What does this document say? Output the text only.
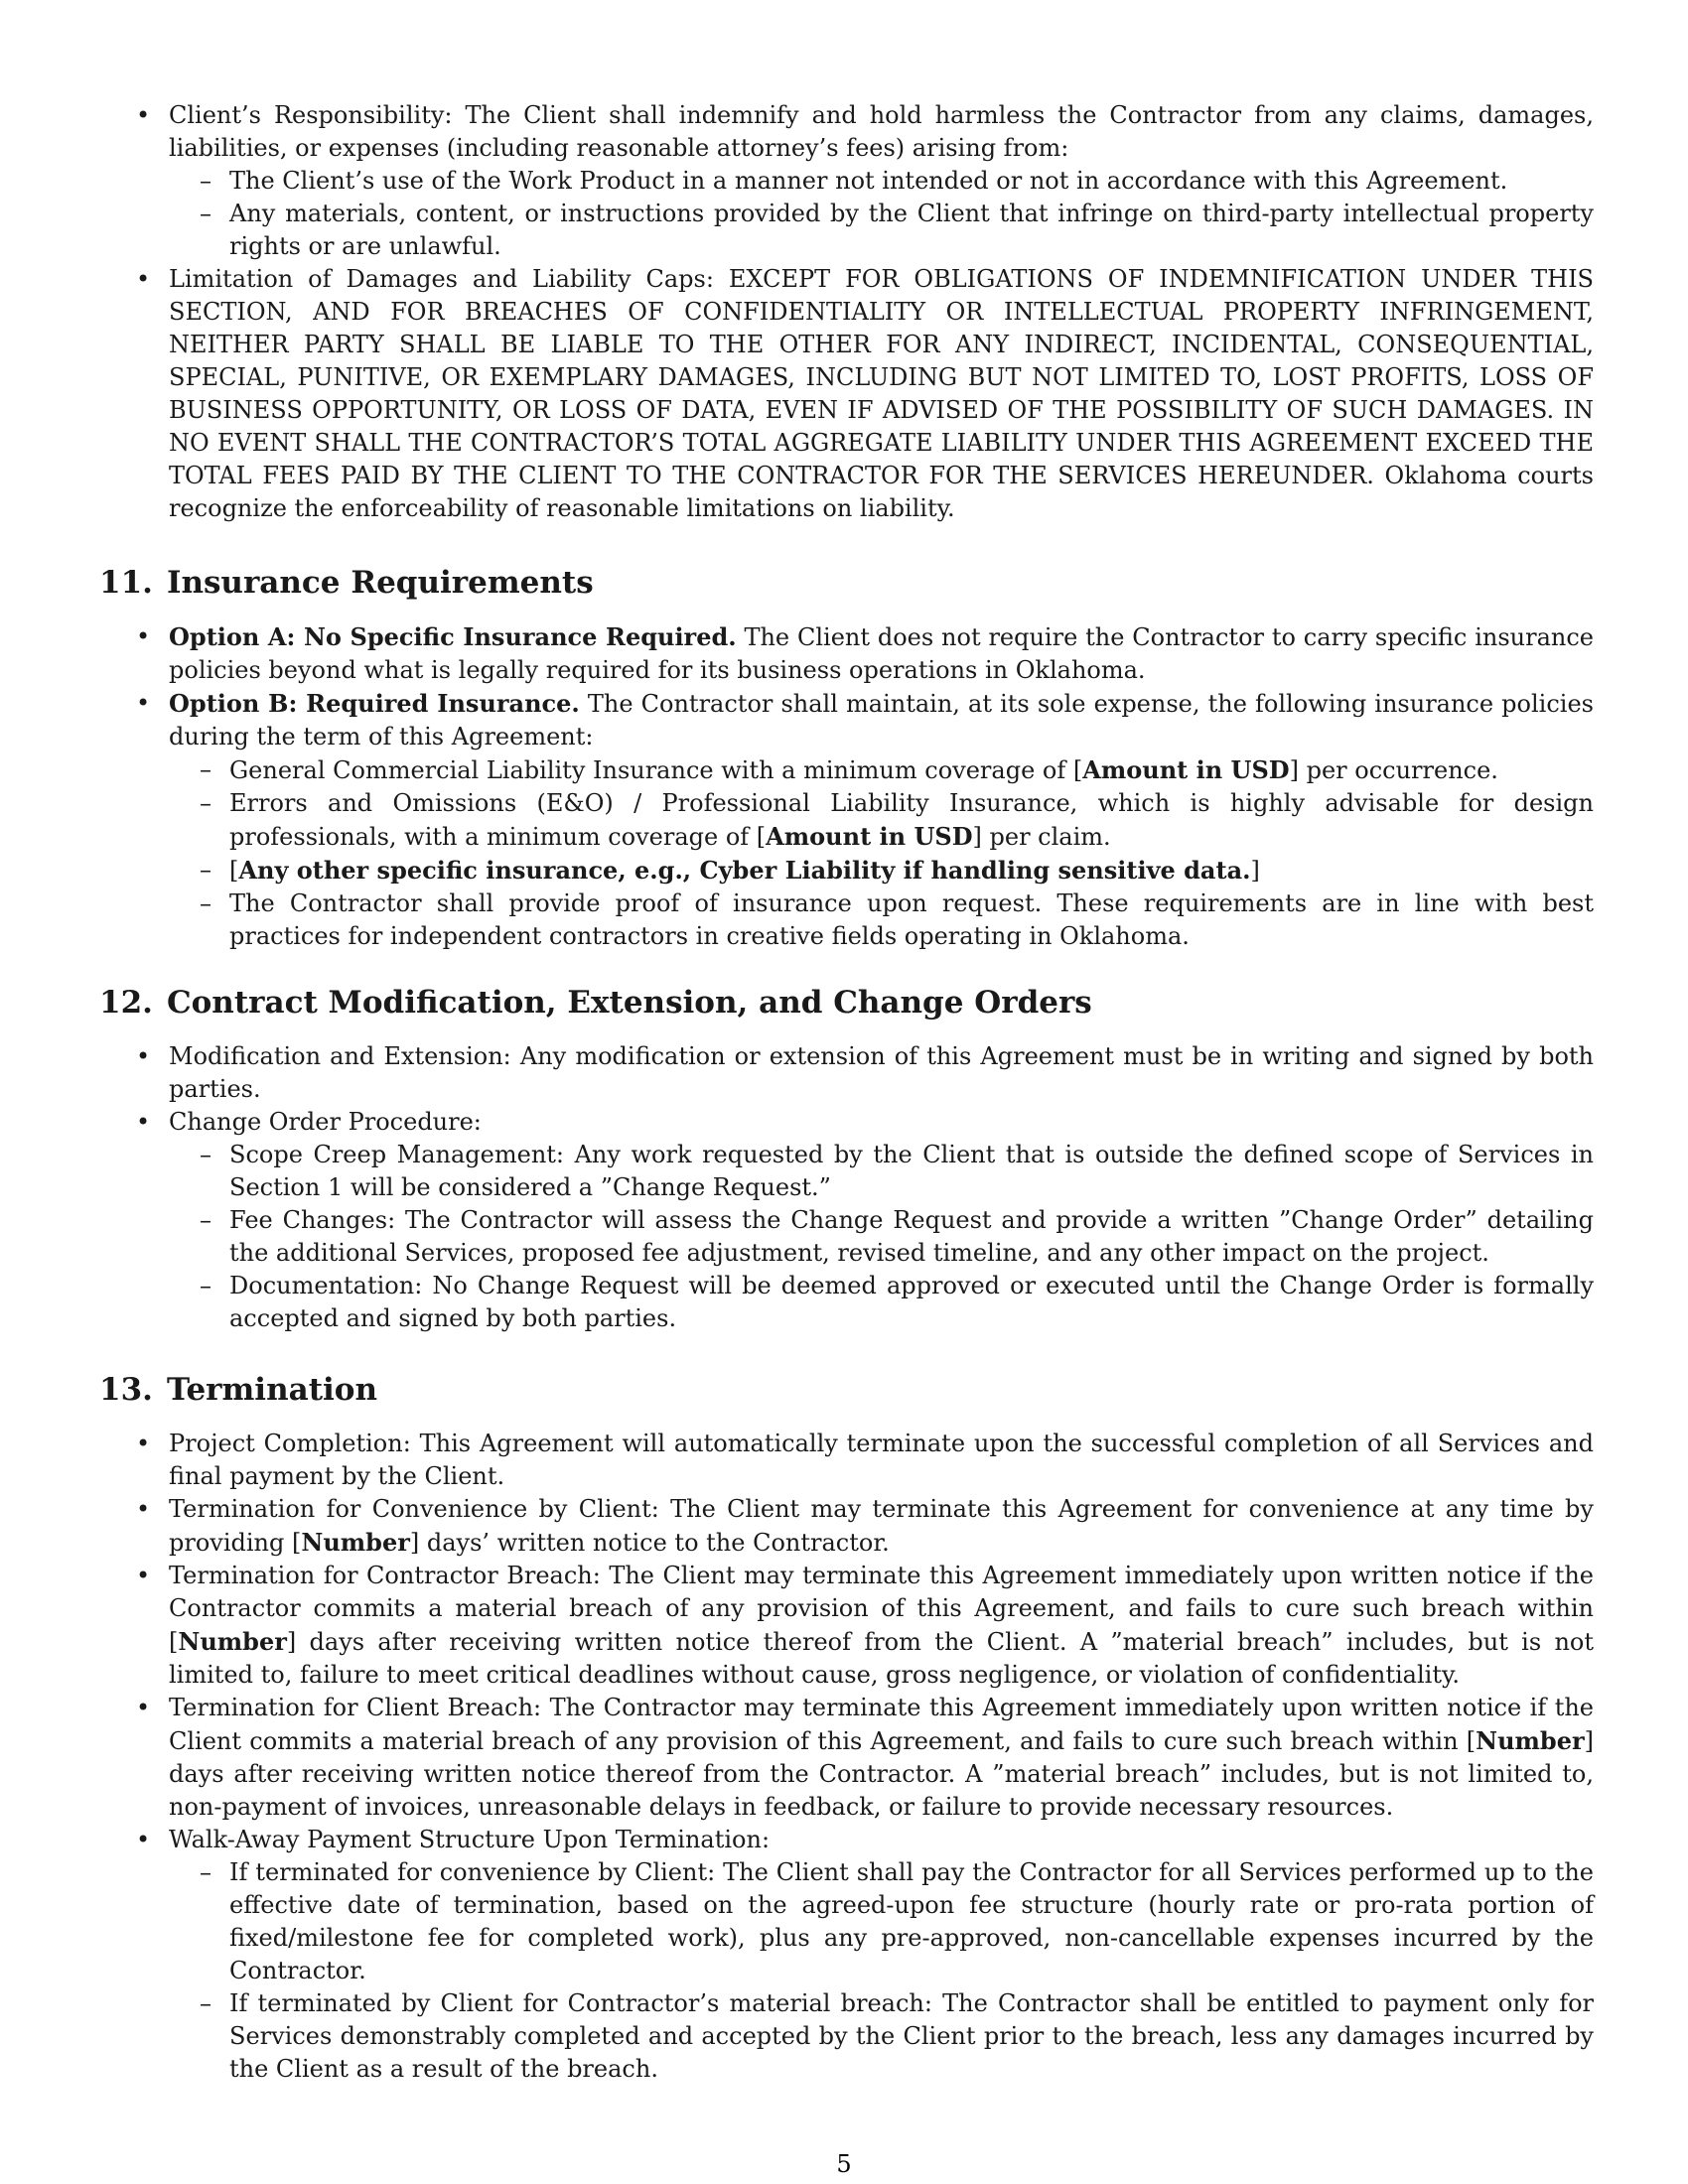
• Client’s Responsibility: The Client shall indemnify and hold harmless the Contractor from any claims, damages, liabilities, or expenses (including reasonable attorney’s fees) arising from:
– The Client’s use of the Work Product in a manner not intended or not in accordance with this Agreement.
– Any materials, content, or instructions provided by the Client that infringe on third-party intellectual property rights or are unlawful.
• Limitation of Damages and Liability Caps: EXCEPT FOR OBLIGATIONS OF INDEMNIFICATION UNDER THIS SECTION, AND FOR BREACHES OF CONFIDENTIALITY OR INTELLECTUAL PROPERTY INFRINGEMENT, NEITHER PARTY SHALL BE LIABLE TO THE OTHER FOR ANY INDIRECT, INCIDENTAL, CONSEQUENTIAL, SPECIAL, PUNITIVE, OR EXEMPLARY DAMAGES, INCLUDING BUT NOT LIMITED TO, LOST PROFITS, LOSS OF BUSINESS OPPORTUNITY, OR LOSS OF DATA, EVEN IF ADVISED OF THE POSSIBILITY OF SUCH DAMAGES. IN NO EVENT SHALL THE CONTRACTOR’S TOTAL AGGREGATE LIABILITY UNDER THIS AGREEMENT EXCEED THE TOTAL FEES PAID BY THE CLIENT TO THE CONTRACTOR FOR THE SERVICES HEREUNDER. Oklahoma courts recognize the enforceability of reasonable limitations on liability.
11. Insurance Requirements
• Option A: No Specific Insurance Required. The Client does not require the Contractor to carry specific insurance policies beyond what is legally required for its business operations in Oklahoma.
• Option B: Required Insurance. The Contractor shall maintain, at its sole expense, the following insurance policies during the term of this Agreement:
– General Commercial Liability Insurance with a minimum coverage of [Amount in USD] per occurrence.
– Errors and Omissions (E&O) / Professional Liability Insurance, which is highly advisable for design professionals, with a minimum coverage of [Amount in USD] per claim.
– [Any other specific insurance, e.g., Cyber Liability if handling sensitive data.]
– The Contractor shall provide proof of insurance upon request. These requirements are in line with best practices for independent contractors in creative fields operating in Oklahoma.
12. Contract Modification, Extension, and Change Orders
• Modification and Extension: Any modification or extension of this Agreement must be in writing and signed by both parties.
• Change Order Procedure:
– Scope Creep Management: Any work requested by the Client that is outside the defined scope of Services in Section 1 will be considered a ”Change Request.”
– Fee Changes: The Contractor will assess the Change Request and provide a written ”Change Order” detailing the additional Services, proposed fee adjustment, revised timeline, and any other impact on the project.
– Documentation: No Change Request will be deemed approved or executed until the Change Order is formally accepted and signed by both parties.
13. Termination
• Project Completion: This Agreement will automatically terminate upon the successful completion of all Services and final payment by the Client.
• Termination for Convenience by Client: The Client may terminate this Agreement for convenience at any time by providing [Number] days’ written notice to the Contractor.
• Termination for Contractor Breach: The Client may terminate this Agreement immediately upon written notice if the Contractor commits a material breach of any provision of this Agreement, and fails to cure such breach within [Number] days after receiving written notice thereof from the Client. A ”material breach” includes, but is not limited to, failure to meet critical deadlines without cause, gross negligence, or violation of confidentiality.
• Termination for Client Breach: The Contractor may terminate this Agreement immediately upon written notice if the Client commits a material breach of any provision of this Agreement, and fails to cure such breach within [Number] days after receiving written notice thereof from the Contractor. A ”material breach” includes, but is not limited to, non-payment of invoices, unreasonable delays in feedback, or failure to provide necessary resources.
• Walk-Away Payment Structure Upon Termination:
– If terminated for convenience by Client: The Client shall pay the Contractor for all Services performed up to the effective date of termination, based on the agreed-upon fee structure (hourly rate or pro-rata portion of fixed/milestone fee for completed work), plus any pre-approved, non-cancellable expenses incurred by the Contractor.
– If terminated by Client for Contractor’s material breach: The Contractor shall be entitled to payment only for Services demonstrably completed and accepted by the Client prior to the breach, less any damages incurred by the Client as a result of the breach.
5
